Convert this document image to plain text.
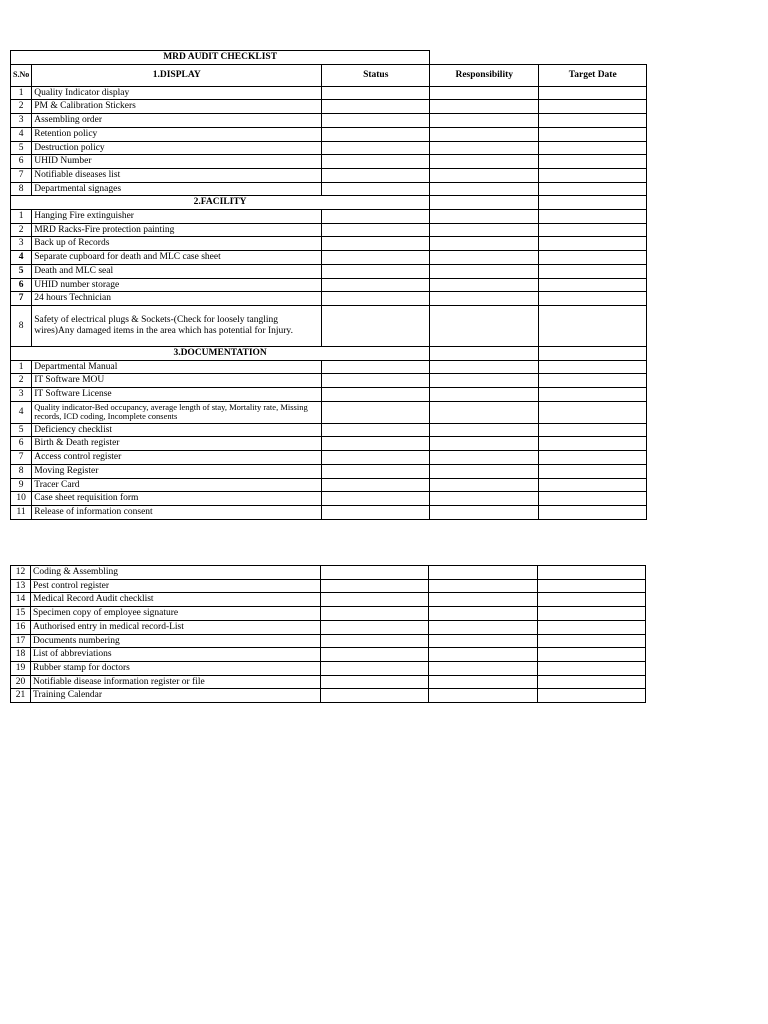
MRD AUDIT CHECKLIST				
S.No	1.DISPLAY	Status	Responsibility	Target Date
1	Quality Indicator display			
2	PM & Calibration Stickers			
3	Assembling order			
4	Retention policy			
5	Destruction policy			
6	UHID Number			
7	Notifiable diseases list			
8	Departmental signages			
2.FACILITY				
1	Hanging Fire extinguisher			
2	MRD Racks-Fire protection painting			
3	Back up of Records			
4	Separate cupboard for death and MLC case sheet			
5	Death and MLC seal			
6	UHID number storage			
7	24 hours Technician			
8	Safety of electrical plugs & Sockets-(Check for loosely tangling wires)Any damaged items in the area which has potential for Injury.			
3.DOCUMENTATION				
1	Departmental Manual			
2	IT Software MOU			
3	IT Software License			
4	Quality indicator-Bed occupancy, average length of stay, Mortality rate, Missing records, ICD coding, Incomplete consents			
5	Deficiency checklist			
6	Birth & Death register			
7	Access control register			
8	Moving Register			
9	Tracer Card			
10	Case sheet requisition form			
11	Release of information consent			
12	Coding & Assembling			
13	Pest control register			
14	Medical Record Audit checklist			
15	Specimen copy of employee signature			
16	Authorised entry in medical record-List			
17	Documents numbering			
18	List of abbreviations			
19	Rubber stamp for doctors			
20	Notifiable disease information register or file			
21	Training Calendar			
